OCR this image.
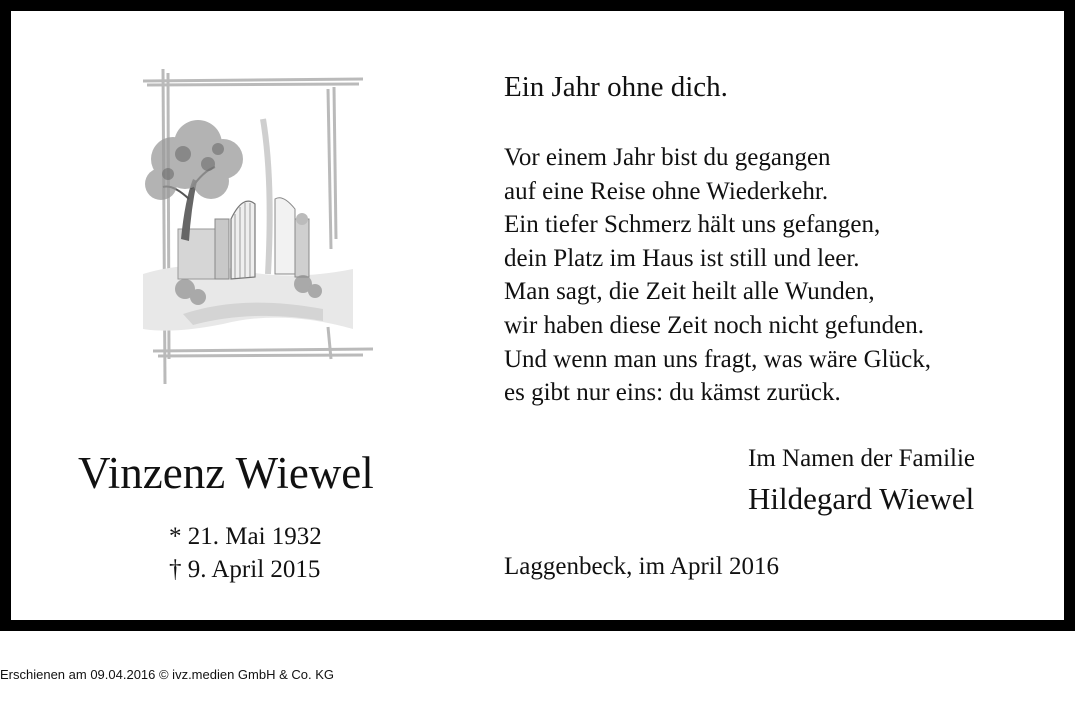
Ein Jahr ohne dich.
Vor einem Jahr bist du gegangen
auf eine Reise ohne Wiederkehr.
Ein tiefer Schmerz hält uns gefangen,
dein Platz im Haus ist still und leer.
Man sagt, die Zeit heilt alle Wunden,
wir haben diese Zeit noch nicht gefunden.
Und wenn man uns fragt, was wäre Glück,
es gibt nur eins: du kämst zurück.
Vinzenz Wiewel
* 21. Mai 1932
† 9. April 2015
Im Namen der Familie
Hildegard Wiewel
Laggenbeck, im April 2016
Erschienen am 09.04.2016 © ivz.medien GmbH & Co. KG
